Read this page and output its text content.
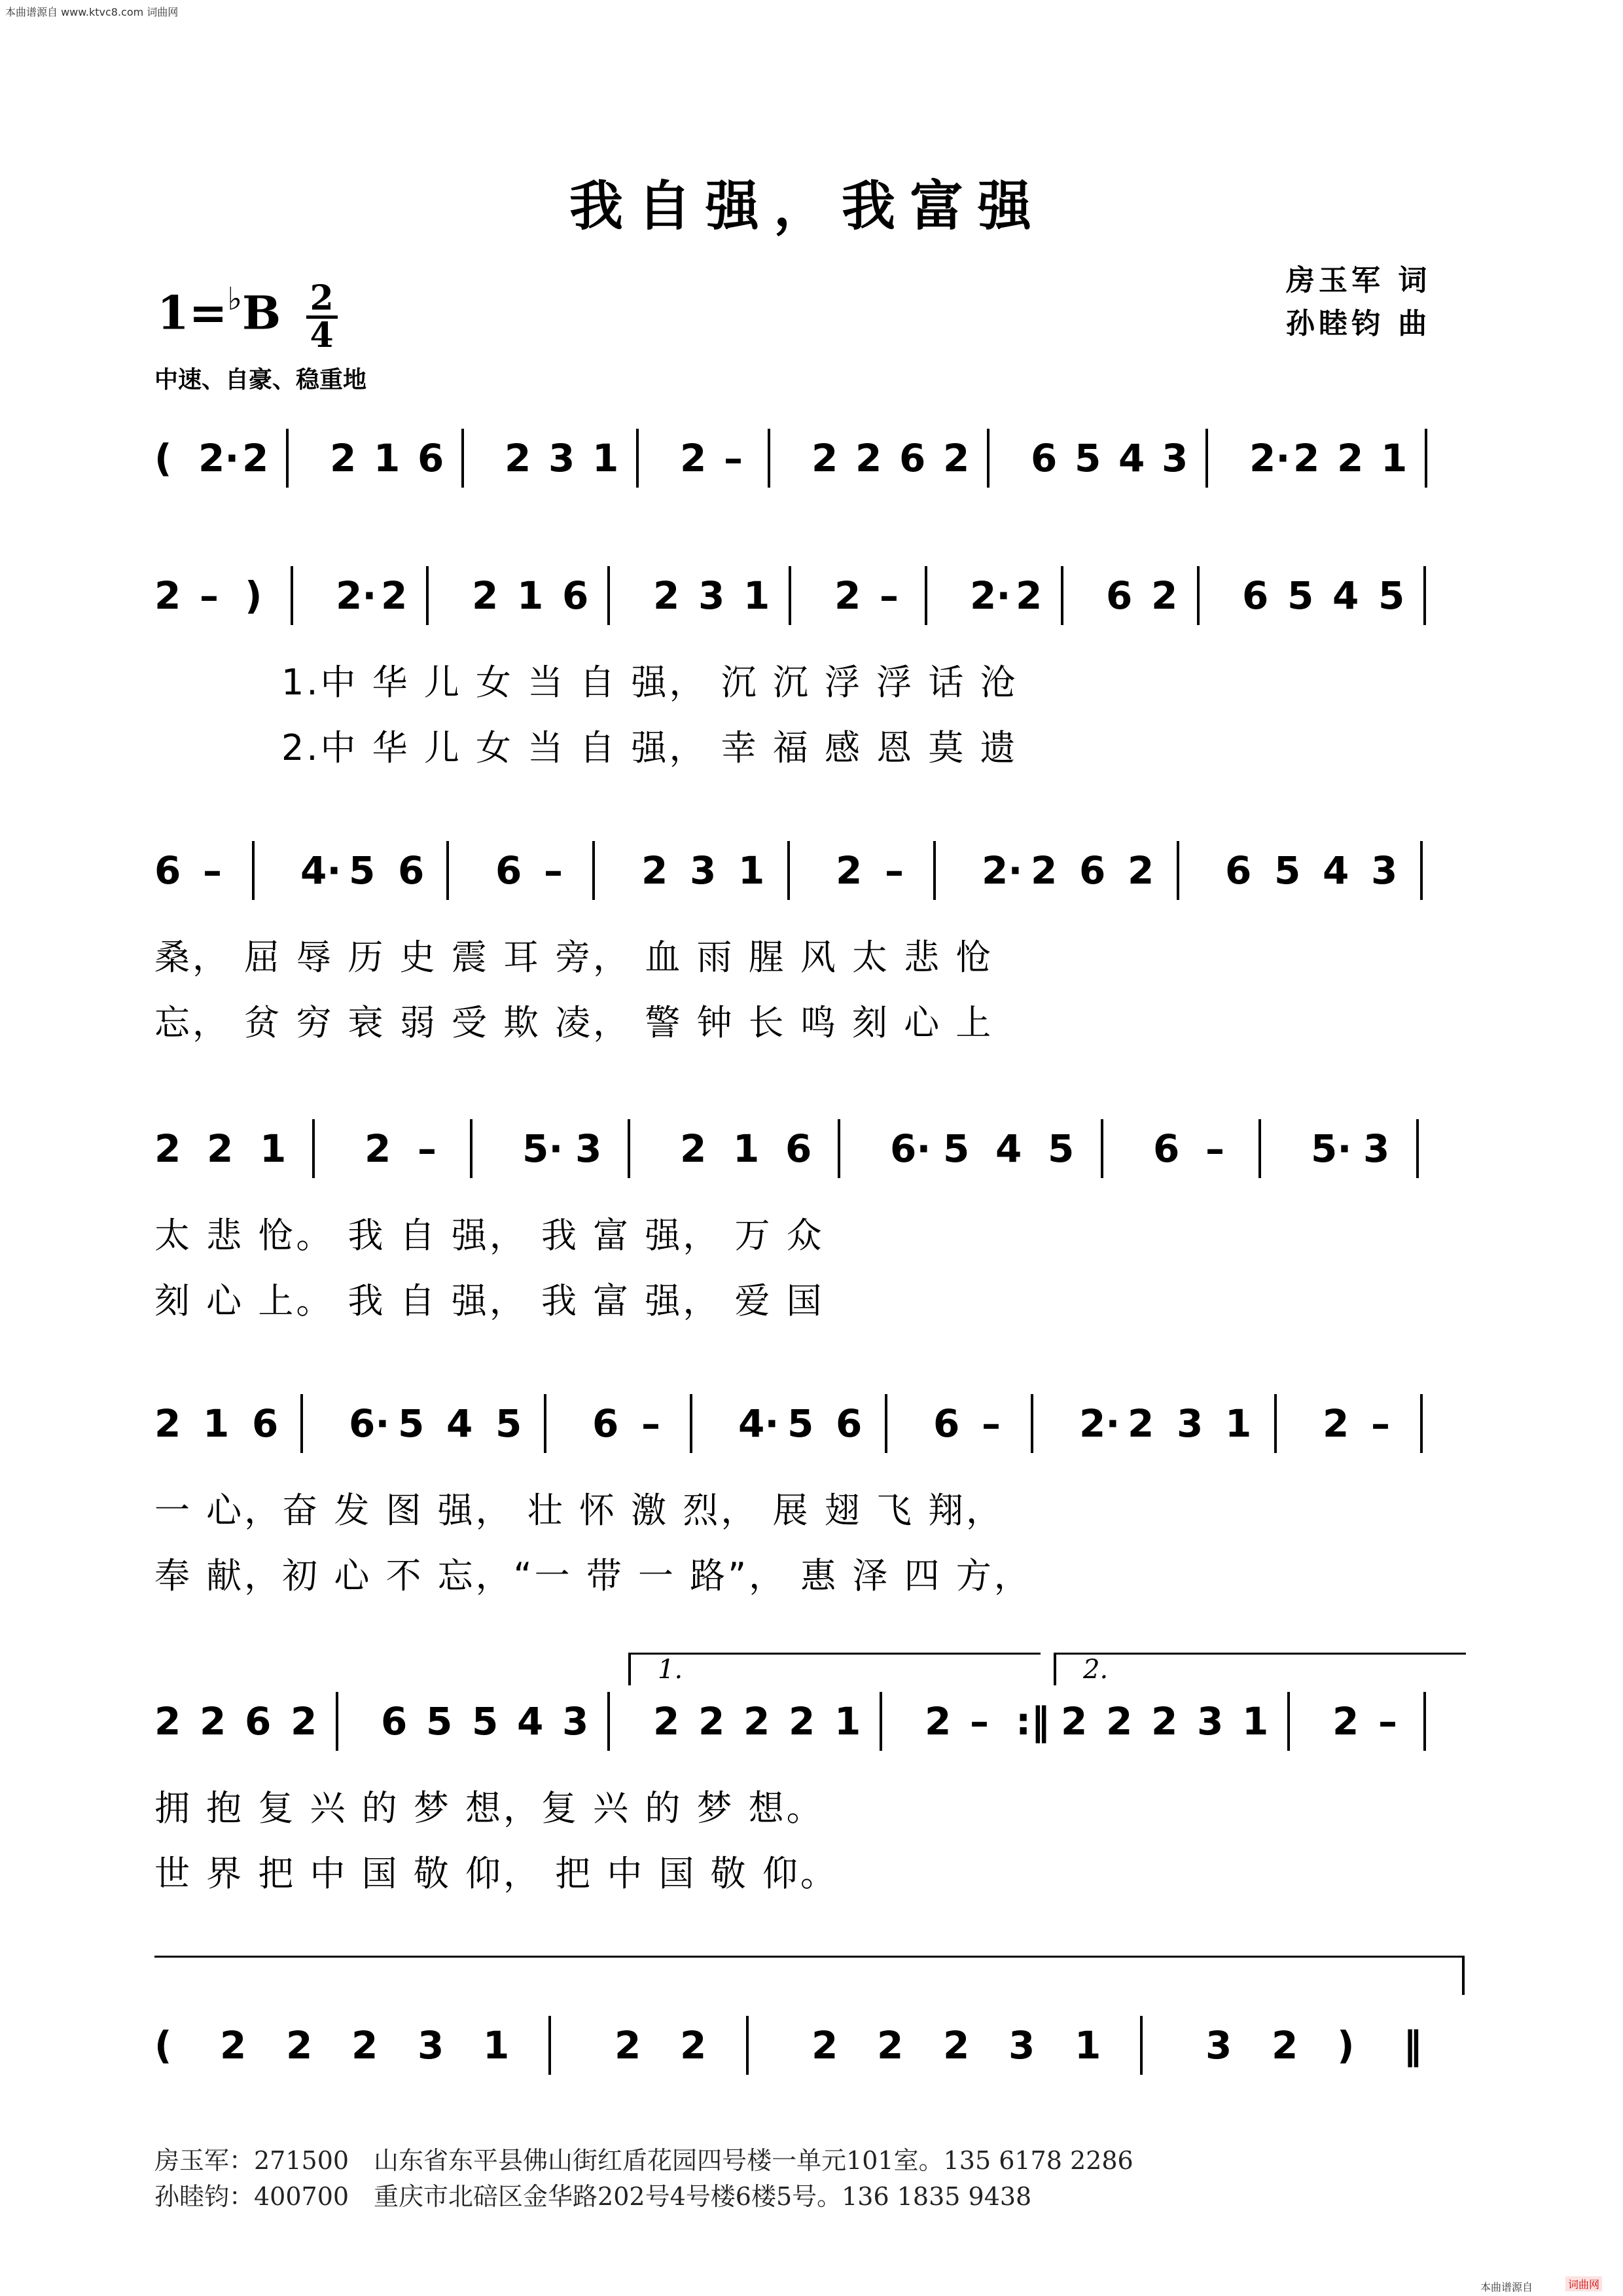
本曲谱源自 www.ktvc8.com 词曲网
我自强，我富强
$1=^♭B \frac{2}{4}$
房玉军 词
孙睦钧 曲
中速、自豪、稳重地
( 2· 2 2 1 6 2 3 1 2 – 2 2 6 2 6 5 4 3 2· 2 2 1
2 – ) 2· 2 2 1 6 2 3 1 2 – 2· 2 6 2 6 5 4 5
6 – 4· 5 6 6 – 2 3 1 2 – 2· 2 6 2 6 5 4 3
2 2 1 2 – 5· 3 2 1 6 6· 5 4 5 6 – 5· 3
2 1 6 6· 5 4 5 6 – 4· 5 6 6 – 2· 2 3 1 2 –
2 2 6 2 6 5 5 4 3 2 2 2 2 1 2 – :‖ 2 2 2 3 1 2 –
( 2 2 2 3 1	2 2	2 2 2 3 1	3 2 ) ‖
1.	2.
1.中 华 儿 女 当 自 强， 沉 沉 浮 浮 话 沧
2.中 华 儿 女 当 自 强， 幸 福 感 恩 莫 遗
桑， 屈 辱 历 史 震 耳 旁， 血 雨 腥 风 太 悲 怆
忘， 贫 穷 衰 弱 受 欺 凌， 警 钟 长 鸣 刻 心 上
太 悲 怆。 我 自 强， 我 富 强， 万 众
刻 心 上。 我 自 强， 我 富 强， 爱 国
一 心，奋 发 图 强， 壮 怀 激 烈， 展 翅 飞 翔，
奉 献，初 心 不 忘，“一 带 一 路”， 惠 泽 四 方，
拥 抱 复 兴 的 梦 想，复 兴 的 梦 想。
世 界 把 中 国 敬 仰， 把 中 国 敬 仰。
房玉军：271500　山东省东平县佛山街红盾花园四号楼一单元101室。135 6178 2286
孙睦钧：400700　重庆市北碚区金华路202号4号楼6楼5号。136 1835 9438
本曲谱源自	词曲网
